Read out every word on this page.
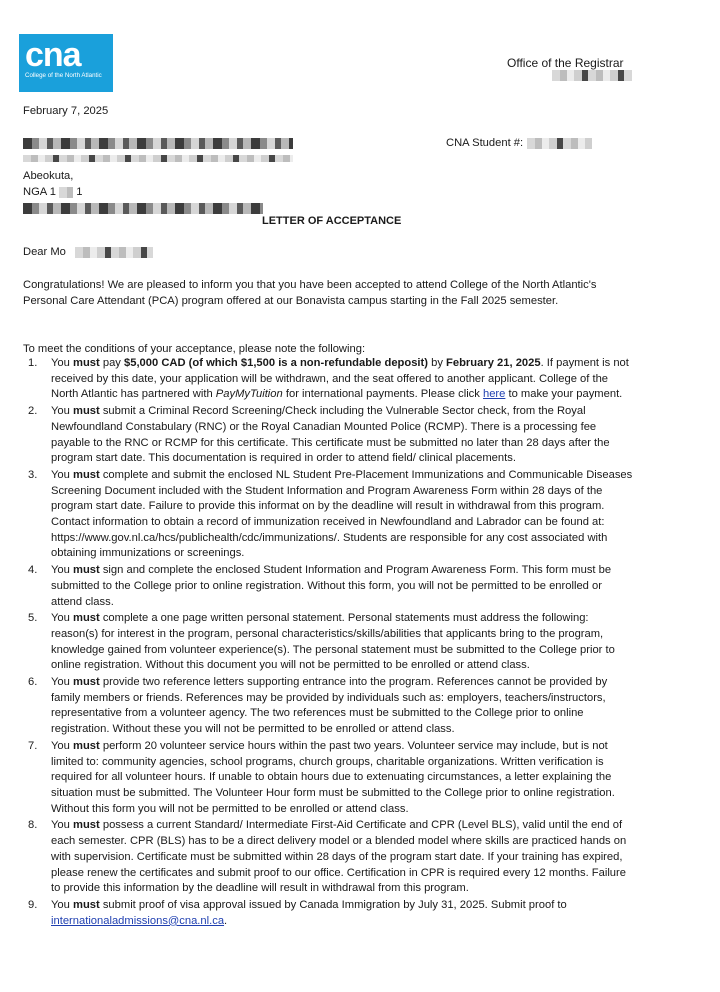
cna
College of the North Atlantic
Office of the Registrar
February 7, 2025
CNA Student #:
Abeokuta,
NGA 1 1
LETTER OF ACCEPTANCE
Dear Mo
Congratulations! We are pleased to inform you that you have been accepted to attend College of the North Atlantic's Personal Care Attendant (PCA) program offered at our Bonavista campus starting in the Fall 2025 semester.
To meet the conditions of your acceptance, please note the following:
1. You must pay $5,000 CAD (of which $1,500 is a non-refundable deposit) by February 21, 2025. If payment is not received by this date, your application will be withdrawn, and the seat offered to another applicant. College of the North Atlantic has partnered with PayMyTuition for international payments. Please click here to make your payment.
2. You must submit a Criminal Record Screening/Check including the Vulnerable Sector check, from the Royal Newfoundland Constabulary (RNC) or the Royal Canadian Mounted Police (RCMP). There is a processing fee payable to the RNC or RCMP for this certificate. This certificate must be submitted no later than 28 days after the program start date. This documentation is required in order to attend field/ clinical placements.
3. You must complete and submit the enclosed NL Student Pre-Placement Immunizations and Communicable Diseases Screening Document included with the Student Information and Program Awareness Form within 28 days of the program start date. Failure to provide this informat on by the deadline will result in withdrawal from this program. Contact information to obtain a record of immunization received in Newfoundland and Labrador can be found at: https://www.gov.nl.ca/hcs/publichealth/cdc/immunizations/. Students are responsible for any cost associated with obtaining immunizations or screenings.
4. You must sign and complete the enclosed Student Information and Program Awareness Form. This form must be submitted to the College prior to online registration. Without this form, you will not be permitted to be enrolled or attend class.
5. You must complete a one page written personal statement. Personal statements must address the following: reason(s) for interest in the program, personal characteristics/skills/abilities that applicants bring to the program, knowledge gained from volunteer experience(s). The personal statement must be submitted to the College prior to online registration. Without this document you will not be permitted to be enrolled or attend class.
6. You must provide two reference letters supporting entrance into the program. References cannot be provided by family members or friends. References may be provided by individuals such as: employers, teachers/instructors, representative from a volunteer agency. The two references must be submitted to the College prior to online registration. Without these you will not be permitted to be enrolled or attend class.
7. You must perform 20 volunteer service hours within the past two years. Volunteer service may include, but is not limited to: community agencies, school programs, church groups, charitable organizations. Written verification is required for all volunteer hours. If unable to obtain hours due to extenuating circumstances, a letter explaining the situation must be submitted. The Volunteer Hour form must be submitted to the College prior to online registration. Without this form you will not be permitted to be enrolled or attend class.
8. You must possess a current Standard/ Intermediate First-Aid Certificate and CPR (Level BLS), valid until the end of each semester. CPR (BLS) has to be a direct delivery model or a blended model where skills are practiced hands on with supervision. Certificate must be submitted within 28 days of the program start date. If your training has expired, please renew the certificates and submit proof to our office. Certification in CPR is required every 12 months. Failure to provide this information by the deadline will result in withdrawal from this program.
9. You must submit proof of visa approval issued by Canada Immigration by July 31, 2025. Submit proof to internationaladmissions@cna.nl.ca.
